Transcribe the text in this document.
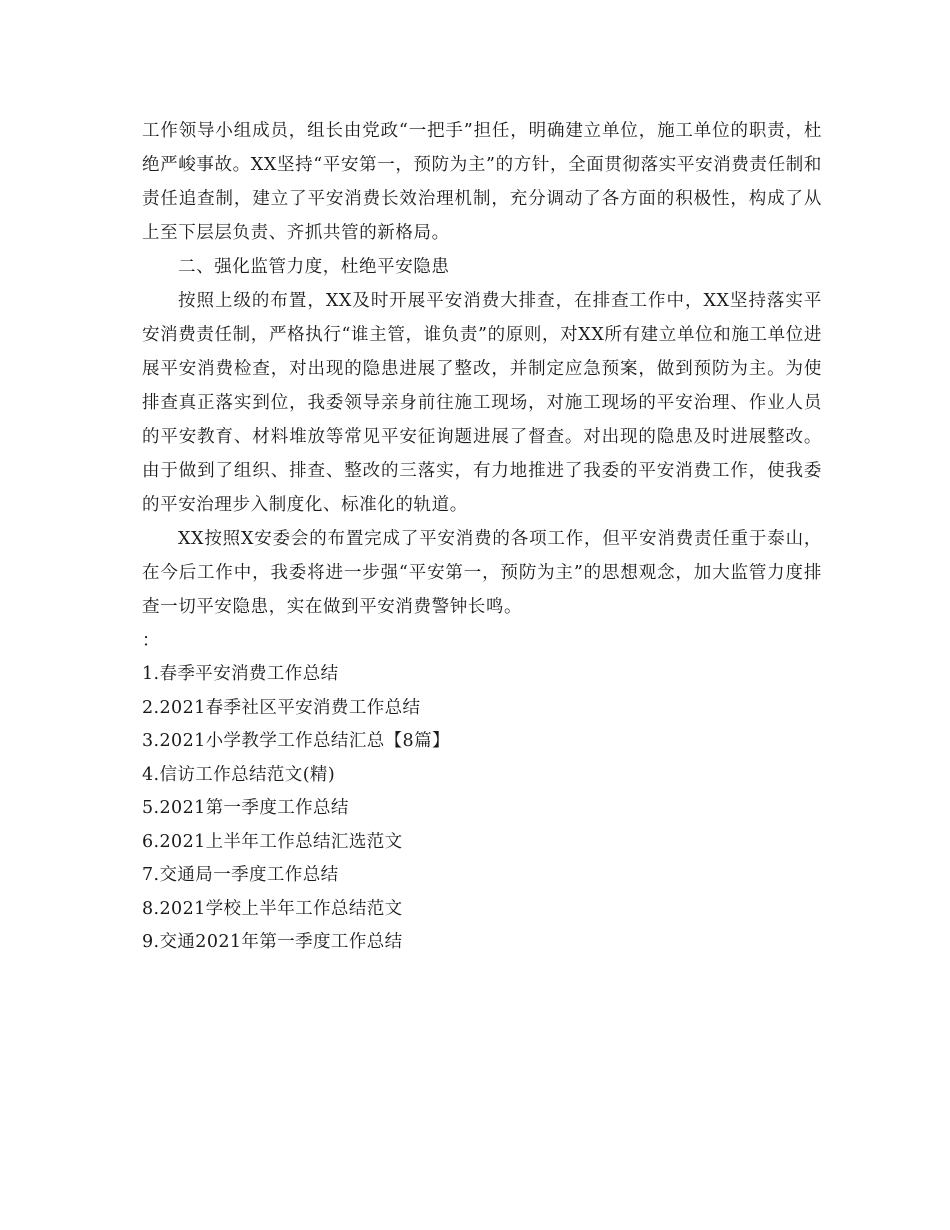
工作领导小组成员，组长由党政“一把手”担任，明确建立单位，施工单位的职责，杜绝严峻事故。XX坚持“平安第一，预防为主”的方针，全面贯彻落实平安消费责任制和责任追查制，建立了平安消费长效治理机制，充分调动了各方面的积极性，构成了从上至下层层负责、齐抓共管的新格局。

二、强化监管力度，杜绝平安隐患

按照上级的布置，XX及时开展平安消费大排查，在排查工作中，XX坚持落实平安消费责任制，严格执行“谁主管，谁负责”的原则，对XX所有建立单位和施工单位进展平安消费检查，对出现的隐患进展了整改，并制定应急预案，做到预防为主。为使排查真正落实到位，我委领导亲身前往施工现场，对施工现场的平安治理、作业人员的平安教育、材料堆放等常见平安征询题进展了督查。对出现的隐患及时进展整改。由于做到了组织、排查、整改的三落实，有力地推进了我委的平安消费工作，使我委的平安治理步入制度化、标准化的轨道。

XX按照X安委会的布置完成了平安消费的各项工作，但平安消费责任重于泰山，在今后工作中，我委将进一步强“平安第一，预防为主”的思想观念，加大监管力度排查一切平安隐患，实在做到平安消费警钟长鸣。

：

1.春季平安消费工作总结
2.2021春季社区平安消费工作总结
3.2021小学教学工作总结汇总【8篇】
4.信访工作总结范文(精)
5.2021第一季度工作总结
6.2021上半年工作总结汇选范文
7.交通局一季度工作总结
8.2021学校上半年工作总结范文
9.交通2021年第一季度工作总结
